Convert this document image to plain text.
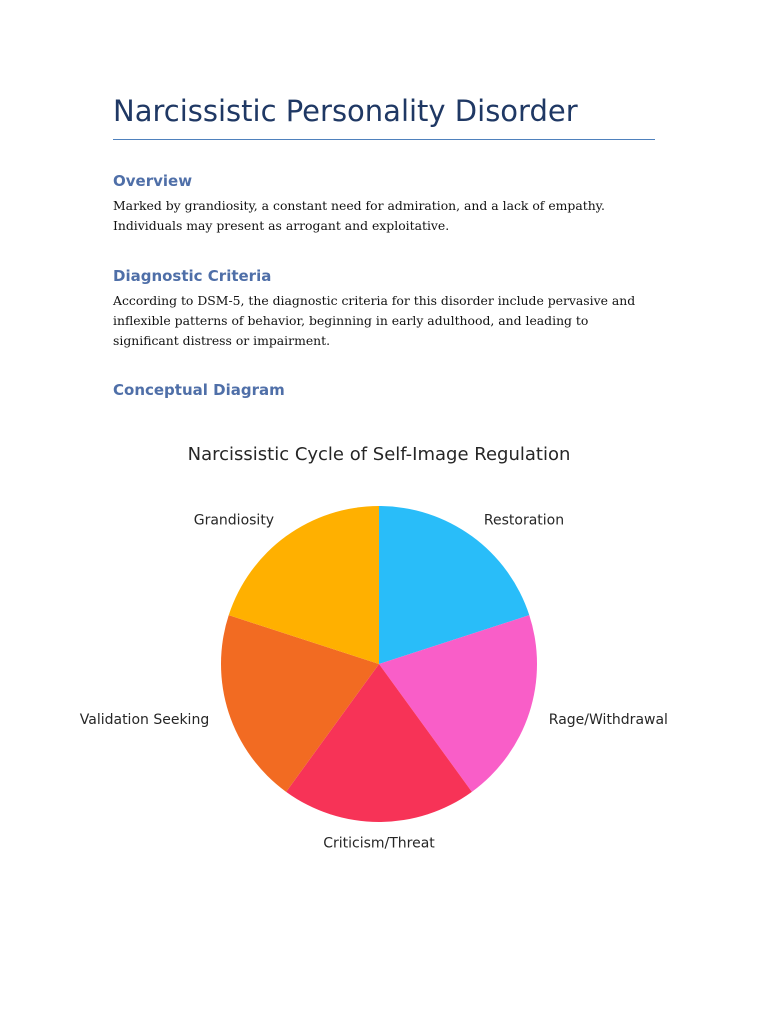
Narcissistic Personality Disorder
Overview

Marked by grandiosity, a constant need for admiration, and a lack of empathy. Individuals may present as arrogant and exploitative.

Diagnostic Criteria

According to DSM-5, the diagnostic criteria for this disorder include pervasive and inflexible patterns of behavior, beginning in early adulthood, and leading to significant distress or impairment.

Conceptual Diagram
Narcissistic Cycle of Self-Image Regulation
Restoration
Rage/Withdrawal
Criticism/Threat
Validation Seeking
Grandiosity
